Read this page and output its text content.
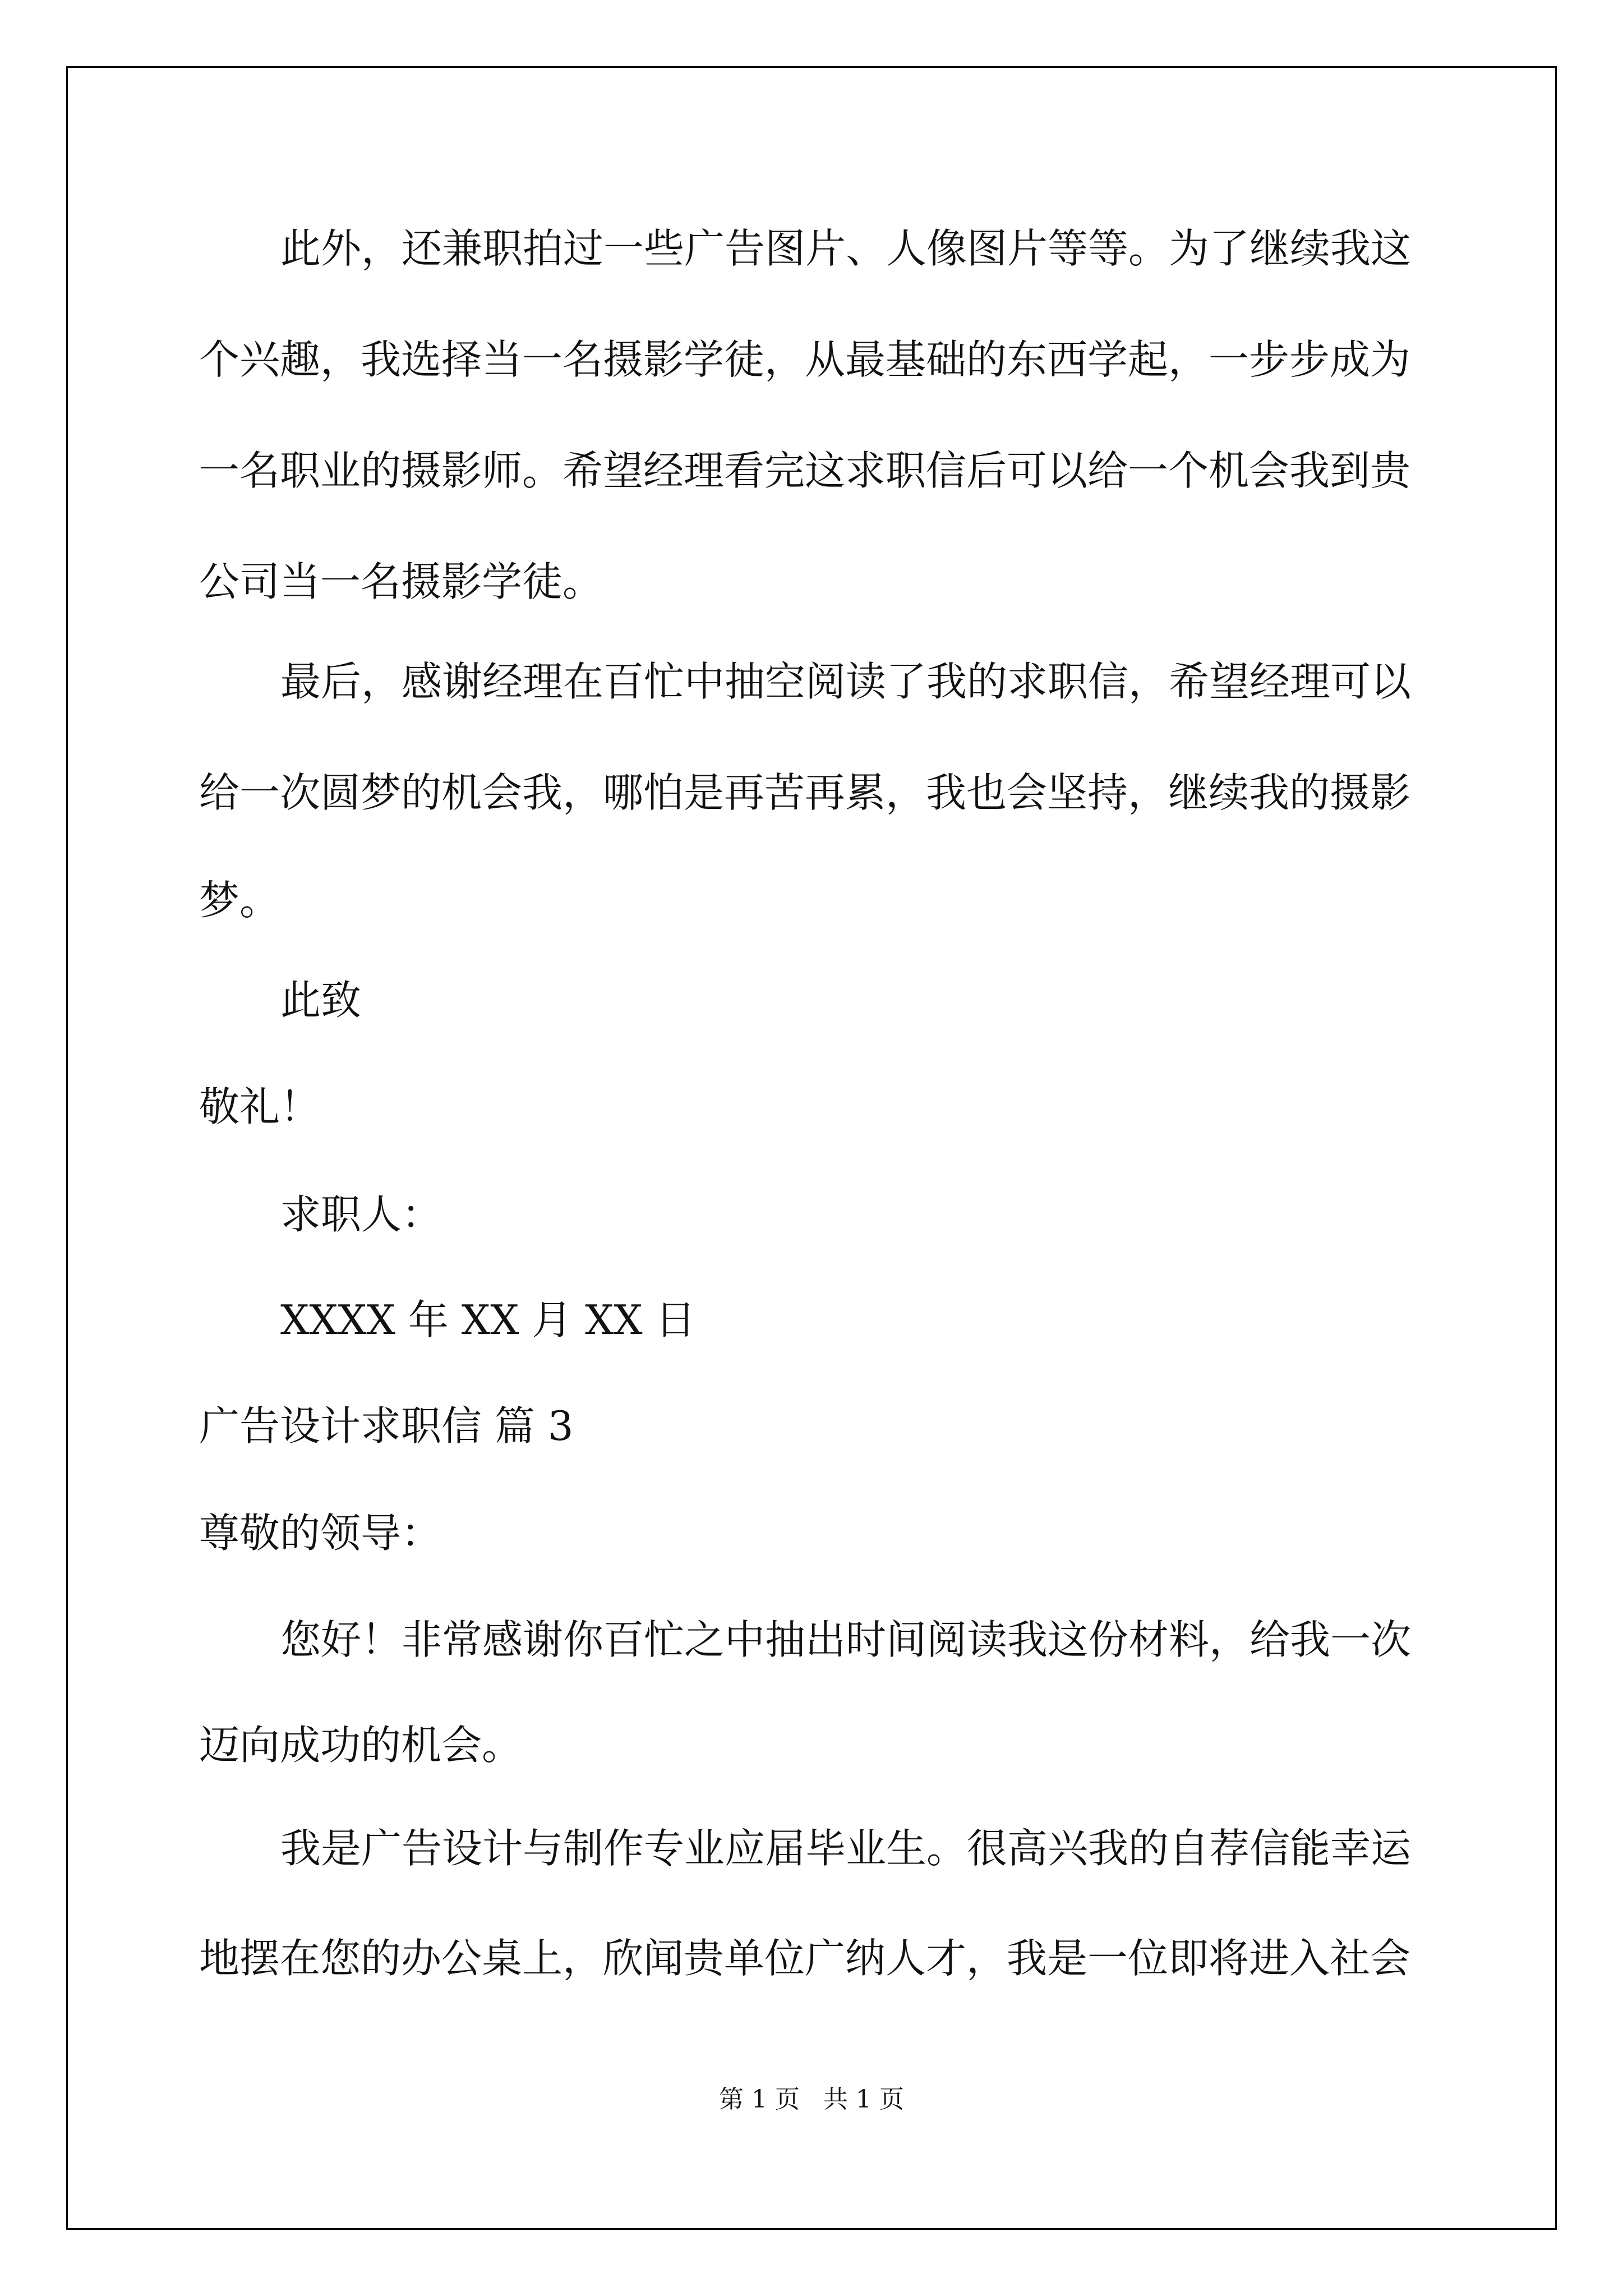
此外，还兼职拍过一些广告图片、人像图片等等。为了继续我这
个兴趣，我选择当一名摄影学徒，从最基础的东西学起，一步步成为
一名职业的摄影师。希望经理看完这求职信后可以给一个机会我到贵
公司当一名摄影学徒。
最后，感谢经理在百忙中抽空阅读了我的求职信，希望经理可以
给一次圆梦的机会我，哪怕是再苦再累，我也会坚持，继续我的摄影
梦。
此致
敬礼！
求职人：
XXXX 年 XX 月 XX 日
广告设计求职信 篇 3
尊敬的领导：
您好！非常感谢你百忙之中抽出时间阅读我这份材料，给我一次
迈向成功的机会。
我是广告设计与制作专业应届毕业生。很高兴我的自荐信能幸运
地摆在您的办公桌上，欣闻贵单位广纳人才，我是一位即将进入社会
第 1 页   共 1 页
